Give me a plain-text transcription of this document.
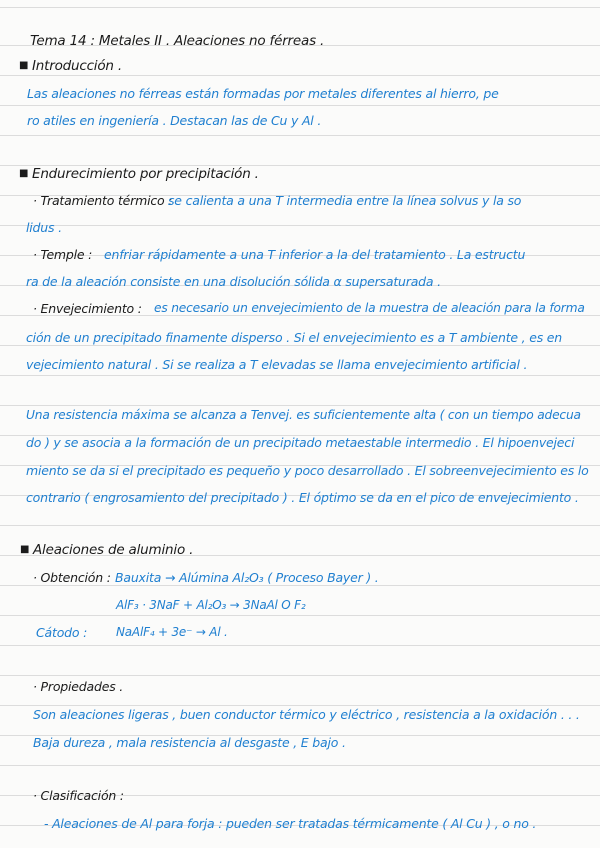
Tema 14 : Metales II . Aleaciones no férreas .
■ Introducción .
Las aleaciones no férreas están formadas por metales diferentes al hierro, pe
ro atiles en ingeniería . Destacan las de Cu y Al .
■ Endurecimiento por precipitación .
· Tratamiento térmico :
se calienta a una T intermedia entre la línea solvus y la so
lidus .
· Temple : enfriar rápidamente a una T inferior a la del tratamiento . La estructu
ra de la aleación consiste en una disolución sólida α supersaturada .
· Envejecimiento : es necesario un envejecimiento de la muestra de aleación para la forma
ción de un precipitado finamente disperso . Si el envejecimiento es a T ambiente , es en
vejecimiento natural . Si se realiza a T elevadas se llama envejecimiento artificial .
Una resistencia máxima se alcanza a Tenvej. es suficientemente alta ( con un tiempo adecua
do ) y se asocia a la formación de un precipitado metaestable intermedio . El hipoenvejeci
miento se da si el precipitado es pequeño y poco desarrollado . El sobreenvejecimiento es lo
contrario ( engrosamiento del precipitado ) . El óptimo se da en el pico de envejecimiento .
■ Aleaciones de aluminio .
· Obtención : Bauxita → Alúmina Al₂O₃ ( Proceso Bayer ) .
AlF₃ · 3NaF + Al₂O₃ → 3NaAl O F₂
Cátodo : NaAlF₄ + 3e⁻ → Al .
· Propiedades .
Son aleaciones ligeras , buen conductor térmico y eléctrico , resistencia a la oxidación . . .
Baja dureza , mala resistencia al desgaste , E bajo .
· Clasificación :
- Aleaciones de Al para forja : pueden ser tratadas térmicamente ( Al Cu ) , o no .
